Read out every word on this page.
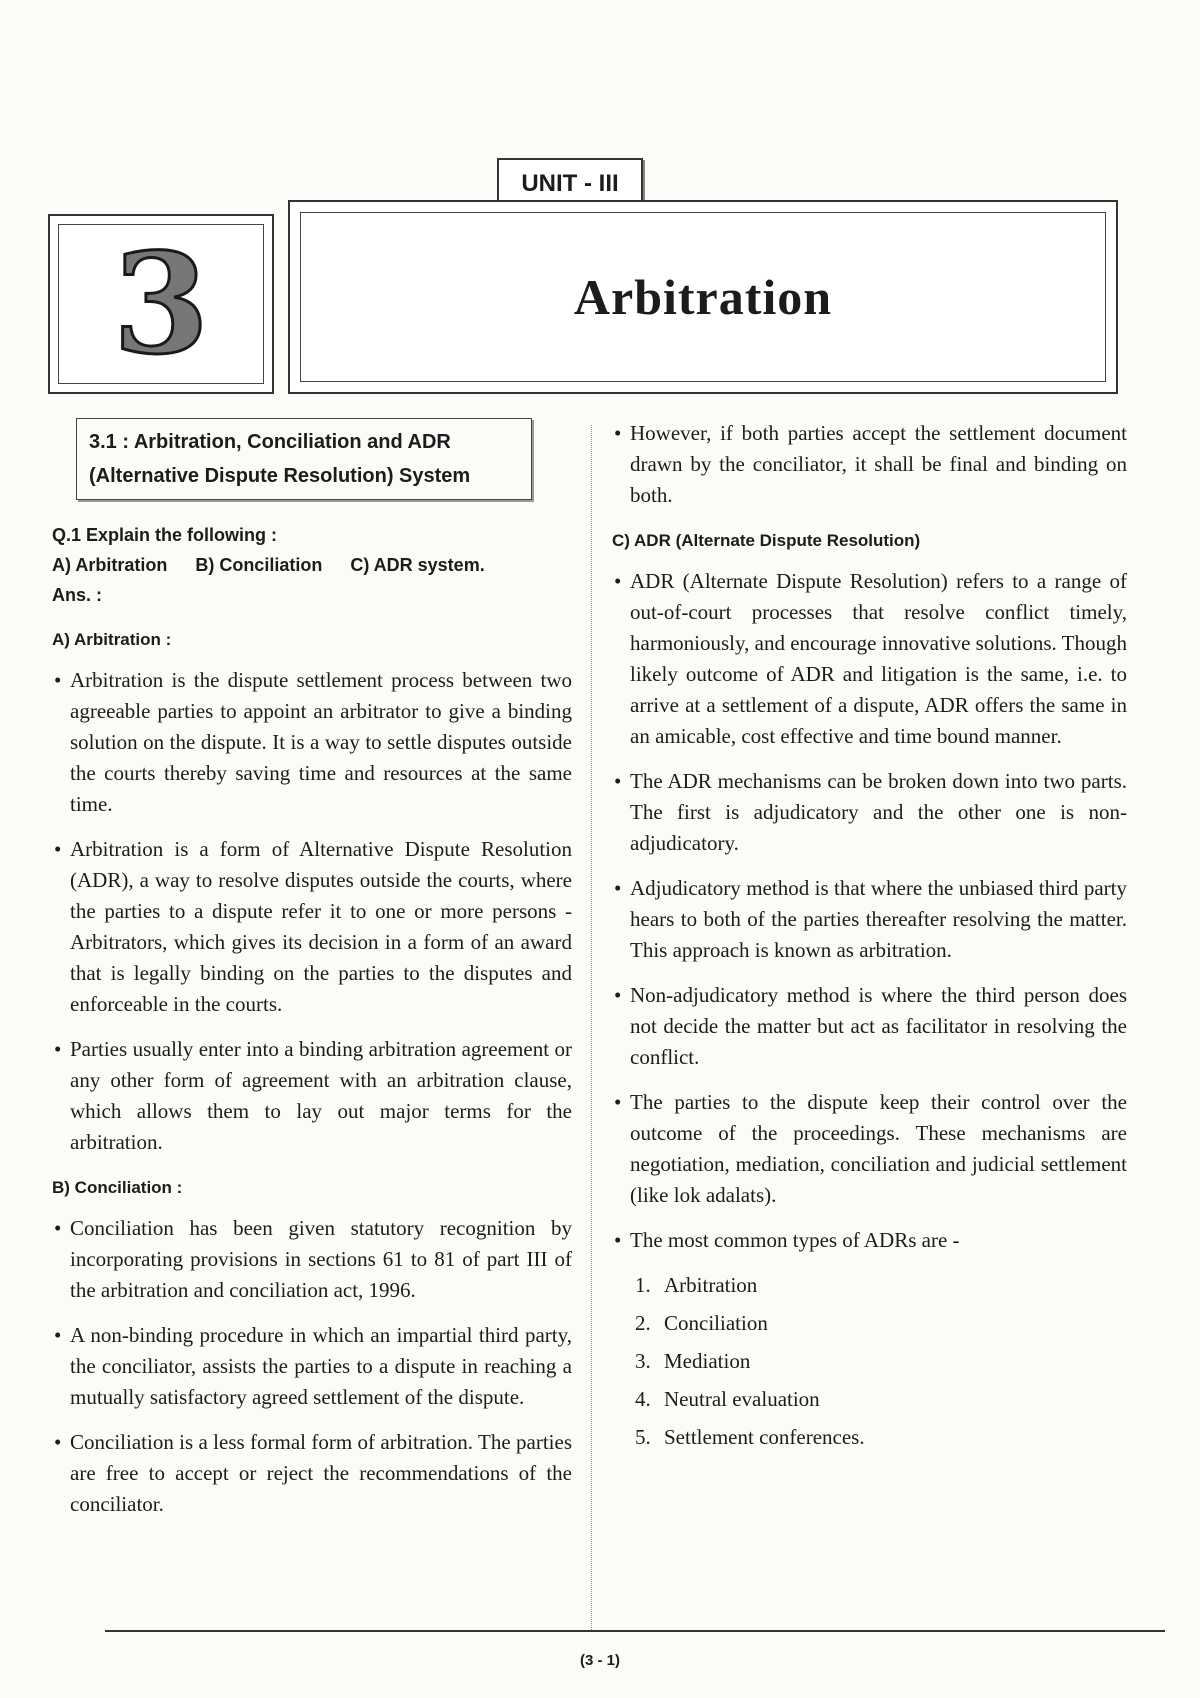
UNIT - III
3	Arbitration
3.1 : Arbitration, Conciliation and ADR
(Alternative Dispute Resolution) System
Q.1 Explain the following :
A) Arbitration B) Conciliation C) ADR system.
Ans. :
A) Arbitration :
• Arbitration is the dispute settlement process between two agreeable parties to appoint an arbitrator to give a binding solution on the dispute. It is a way to settle disputes outside the courts thereby saving time and resources at the same time.
• Arbitration is a form of Alternative Dispute Resolution (ADR), a way to resolve disputes outside the courts, where the parties to a dispute refer it to one or more persons - Arbitrators, which gives its decision in a form of an award that is legally binding on the parties to the disputes and enforceable in the courts.
• Parties usually enter into a binding arbitration agreement or any other form of agreement with an arbitration clause, which allows them to lay out major terms for the arbitration.
B) Conciliation :
• Conciliation has been given statutory recognition by incorporating provisions in sections 61 to 81 of part III of the arbitration and conciliation act, 1996.
• A non-binding procedure in which an impartial third party, the conciliator, assists the parties to a dispute in reaching a mutually satisfactory agreed settlement of the dispute.
• Conciliation is a less formal form of arbitration. The parties are free to accept or reject the recommendations of the conciliator.
• However, if both parties accept the settlement document drawn by the conciliator, it shall be final and binding on both.
C) ADR (Alternate Dispute Resolution)
• ADR (Alternate Dispute Resolution) refers to a range of out-of-court processes that resolve conflict timely, harmoniously, and encourage innovative solutions. Though likely outcome of ADR and litigation is the same, i.e. to arrive at a settlement of a dispute, ADR offers the same in an amicable, cost effective and time bound manner.
• The ADR mechanisms can be broken down into two parts. The first is adjudicatory and the other one is non-adjudicatory.
• Adjudicatory method is that where the unbiased third party hears to both of the parties thereafter resolving the matter. This approach is known as arbitration.
• Non-adjudicatory method is where the third person does not decide the matter but act as facilitator in resolving the conflict.
• The parties to the dispute keep their control over the outcome of the proceedings. These mechanisms are negotiation, mediation, conciliation and judicial settlement (like lok adalats).
• The most common types of ADRs are -
1. Arbitration
2. Conciliation
3. Mediation
4. Neutral evaluation
5. Settlement conferences.
(3 - 1)
